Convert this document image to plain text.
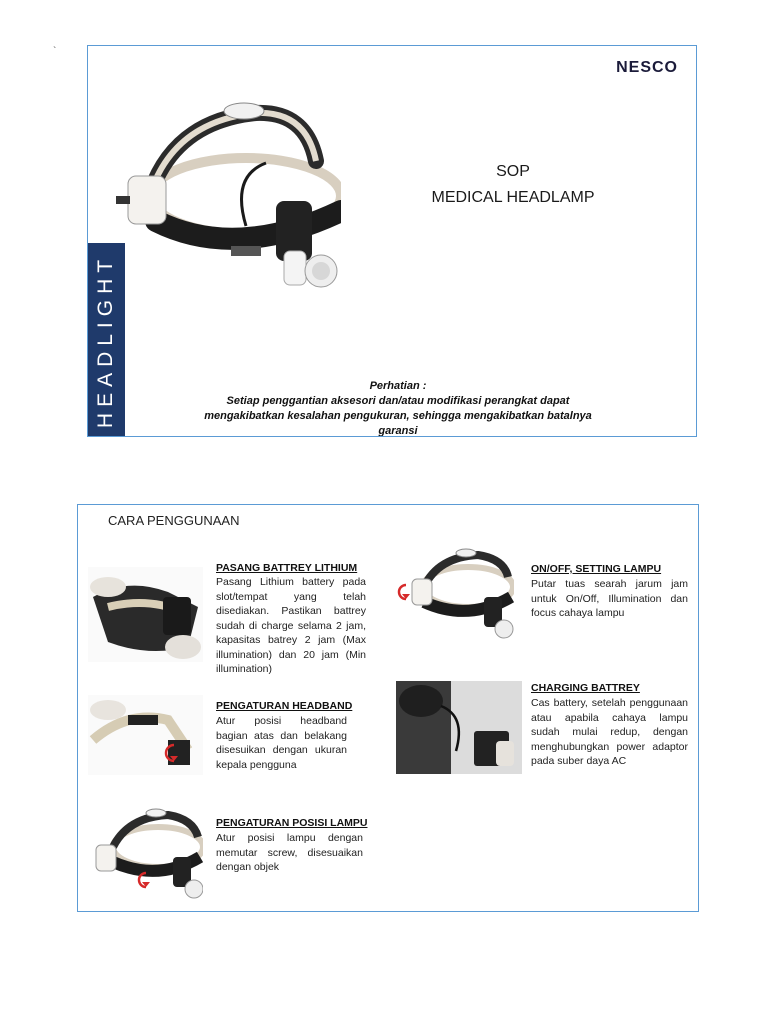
`
NESCO
HEADLIGHT
SOP
MEDICAL HEADLAMP
Perhatian :
Setiap penggantian aksesori dan/atau modifikasi perangkat dapat
mengakibatkan kesalahan pengukuran, sehingga mengakibatkan batalnya garansi
CARA PENGGUNAAN
PASANG BATTREY LITHIUM
Pasang Lithium battery pada slot/tempat yang telah disediakan. Pastikan battrey sudah di charge selama 2 jam, kapasitas batrey 2 jam (Max illumination) dan 20 jam (Min illumination)
PENGATURAN HEADBAND
Atur posisi headband bagian atas dan belakang disesuikan dengan ukuran kepala pengguna
PENGATURAN POSISI LAMPU
Atur posisi lampu dengan memutar screw, disesuaikan dengan objek
ON/OFF, SETTING LAMPU
Putar tuas searah jarum jam untuk On/Off, Illumination dan focus cahaya lampu
CHARGING BATTREY
Cas battery, setelah penggunaan atau apabila cahaya lampu sudah mulai redup, dengan menghubungkan power adaptor pada suber daya AC
